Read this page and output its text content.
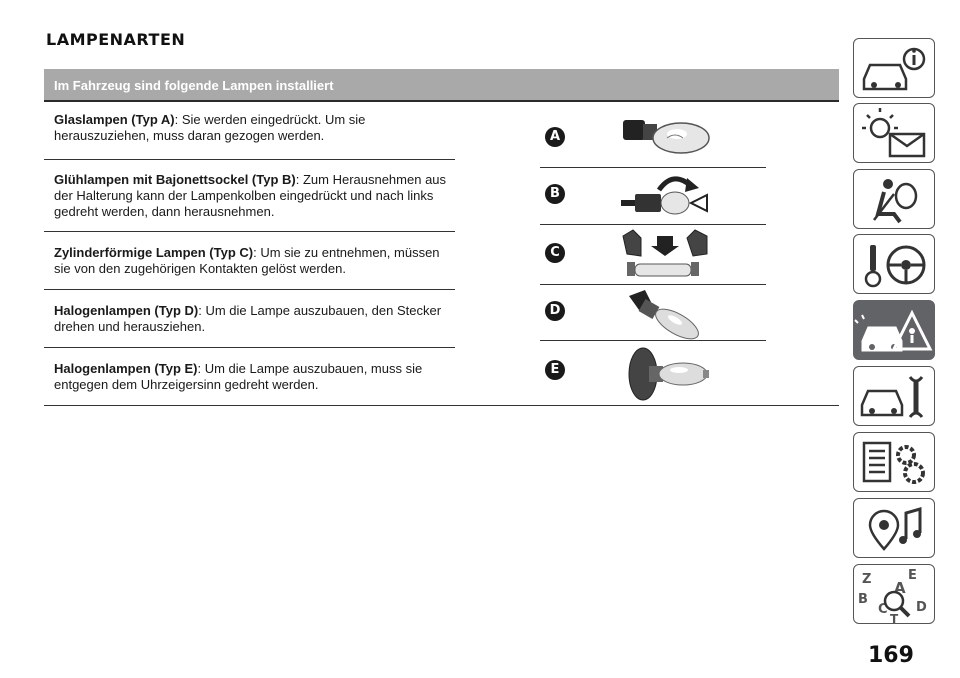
LAMPENARTEN
Im Fahrzeug sind folgende Lampen installiert
Glaslampen (Typ A): Sie werden eingedrückt. Um sie herauszuziehen, muss daran gezogen werden.
Glühlampen mit Bajonettsockel (Typ B): Zum Herausnehmen aus der Halterung kann der Lampenkolben eingedrückt und nach links gedreht werden, dann herausnehmen.
Zylinderförmige Lampen (Typ C): Um sie zu entnehmen, müssen sie von den zugehörigen Kontakten gelöst werden.
Halogenlampen (Typ D): Um die Lampe auszubauen, den Stecker drehen und herausziehen.
Halogenlampen (Typ E): Um die Lampe auszubauen, muss sie entgegen dem Uhrzeigersinn gedreht werden.
A
B
C
D
E
Z	E
A
B
C D
T
169
